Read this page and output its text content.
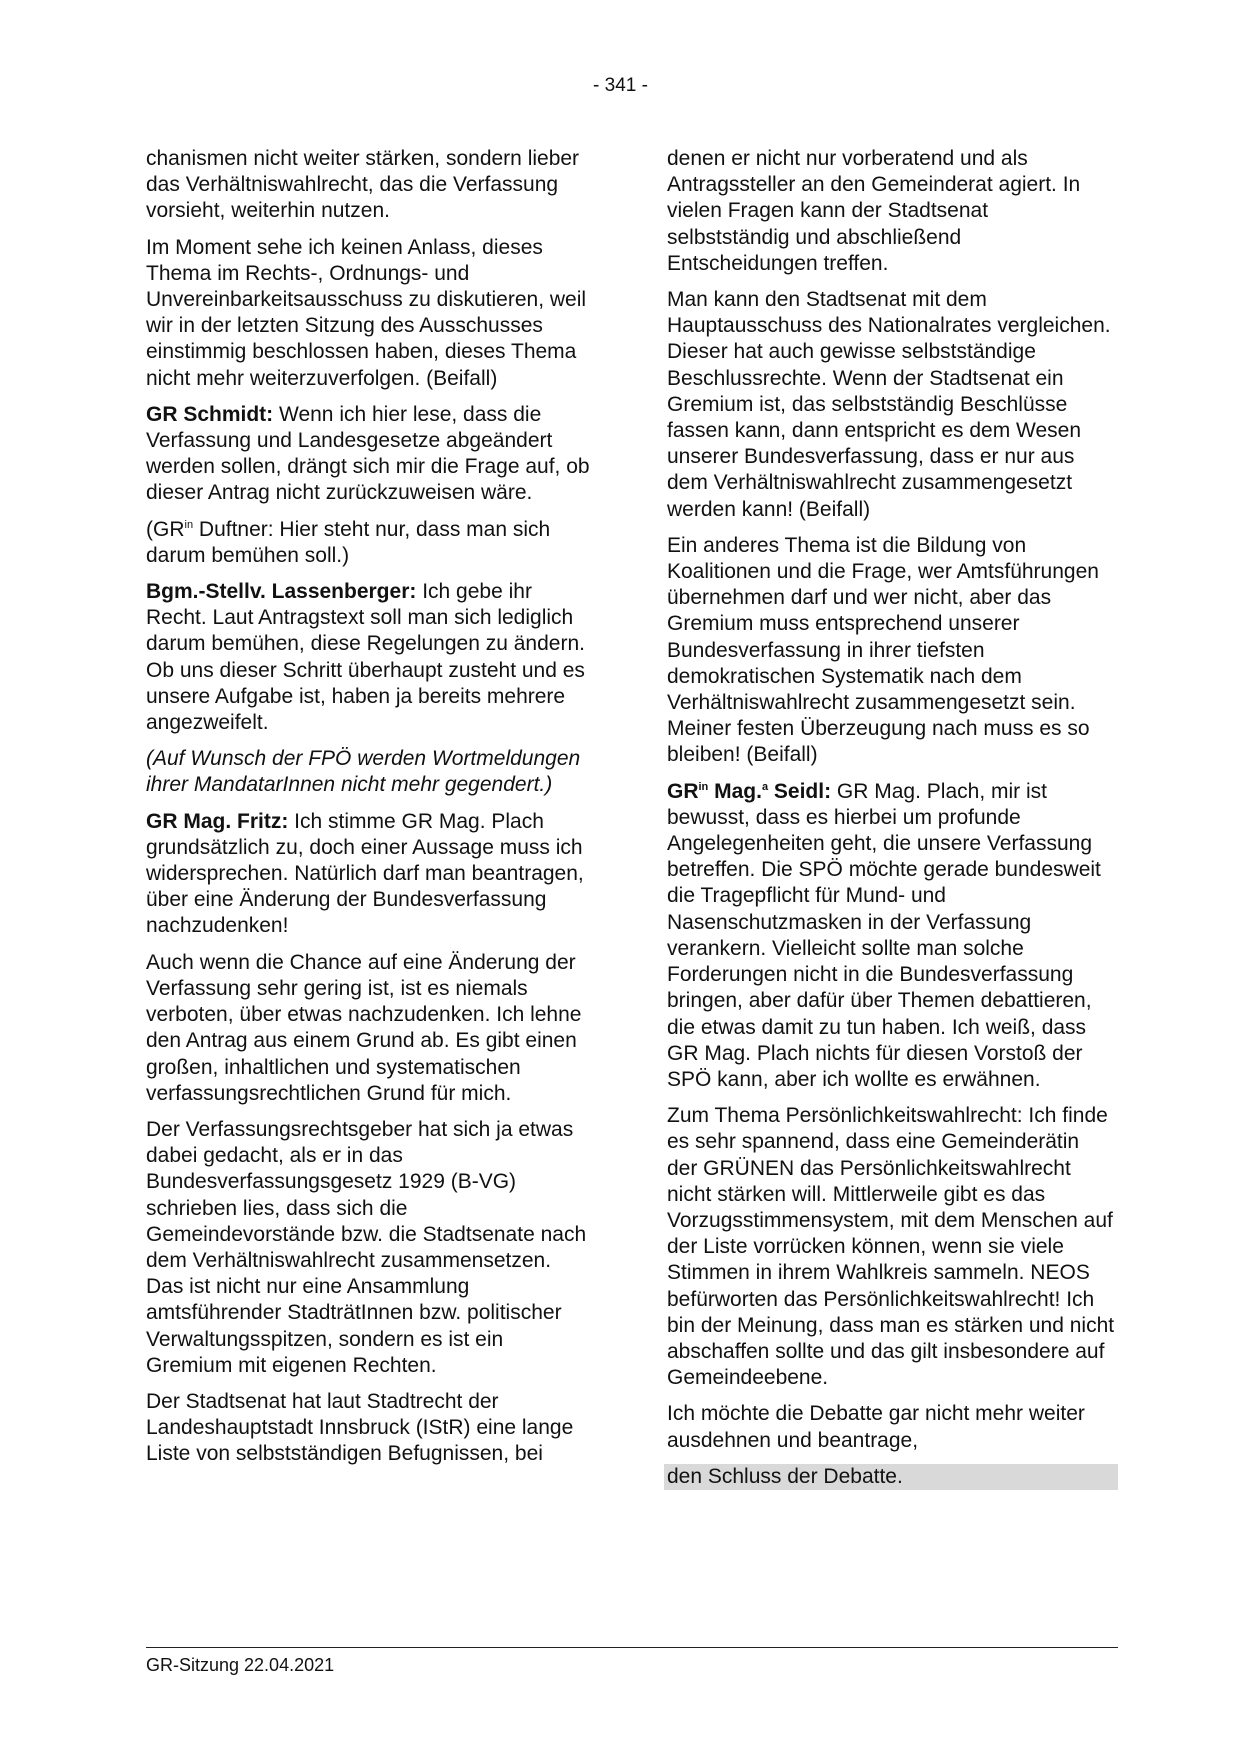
- 341 -

chanismen nicht weiter stärken, sondern lieber das Verhältniswahlrecht, das die Verfassung vorsieht, weiterhin nutzen.

Im Moment sehe ich keinen Anlass, dieses Thema im Rechts-, Ordnungs- und Unvereinbarkeitsausschuss zu diskutieren, weil wir in der letzten Sitzung des Ausschusses einstimmig beschlossen haben, dieses Thema nicht mehr weiterzuverfolgen. (Beifall)

GR Schmidt: Wenn ich hier lese, dass die Verfassung und Landesgesetze abgeändert werden sollen, drängt sich mir die Frage auf, ob dieser Antrag nicht zurückzuweisen wäre.

($GR^{in}$ Duftner: Hier steht nur, dass man sich darum bemühen soll.)

Bgm.-Stellv. Lassenberger: Ich gebe ihr Recht. Laut Antragstext soll man sich lediglich darum bemühen, diese Regelungen zu ändern. Ob uns dieser Schritt überhaupt zusteht und es unsere Aufgabe ist, haben ja bereits mehrere angezweifelt.

(Auf Wunsch der FPÖ werden Wortmeldungen ihrer MandatarInnen nicht mehr gegendert.)

GR Mag. Fritz: Ich stimme GR Mag. Plach grundsätzlich zu, doch einer Aussage muss ich widersprechen. Natürlich darf man beantragen, über eine Änderung der Bundesverfassung nachzudenken!

Auch wenn die Chance auf eine Änderung der Verfassung sehr gering ist, ist es niemals verboten, über etwas nachzudenken. Ich lehne den Antrag aus einem Grund ab. Es gibt einen großen, inhaltlichen und systematischen verfassungsrechtlichen Grund für mich.

Der Verfassungsrechtsgeber hat sich ja etwas dabei gedacht, als er in das Bundesverfassungsgesetz 1929 (B-VG) schrieben lies, dass sich die Gemeindevorstände bzw. die Stadtsenate nach dem Verhältniswahlrecht zusammensetzen. Das ist nicht nur eine Ansammlung amtsführender StadträtInnen bzw. politischer Verwaltungsspitzen, sondern es ist ein Gremium mit eigenen Rechten.

Der Stadtsenat hat laut Stadtrecht der Landeshauptstadt Innsbruck (IStR) eine lange Liste von selbstständigen Befugnissen, bei

denen er nicht nur vorberatend und als Antragssteller an den Gemeinderat agiert. In vielen Fragen kann der Stadtsenat selbstständig und abschließend Entscheidungen treffen.

Man kann den Stadtsenat mit dem Hauptausschuss des Nationalrates vergleichen. Dieser hat auch gewisse selbstständige Beschlussrechte. Wenn der Stadtsenat ein Gremium ist, das selbstständig Beschlüsse fassen kann, dann entspricht es dem Wesen unserer Bundesverfassung, dass er nur aus dem Verhältniswahlrecht zusammengesetzt werden kann! (Beifall)

Ein anderes Thema ist die Bildung von Koalitionen und die Frage, wer Amtsführungen übernehmen darf und wer nicht, aber das Gremium muss entsprechend unserer Bundesverfassung in ihrer tiefsten demokratischen Systematik nach dem Verhältniswahlrecht zusammengesetzt sein. Meiner festen Überzeugung nach muss es so bleiben! (Beifall)

$GR^{in}$ Mag.$^a$ Seidl: GR Mag. Plach, mir ist bewusst, dass es hierbei um profunde Angelegenheiten geht, die unsere Verfassung betreffen. Die SPÖ möchte gerade bundesweit die Tragepflicht für Mund- und Nasenschutzmasken in der Verfassung verankern. Vielleicht sollte man solche Forderungen nicht in die Bundesverfassung bringen, aber dafür über Themen debattieren, die etwas damit zu tun haben. Ich weiß, dass GR Mag. Plach nichts für diesen Vorstoß der SPÖ kann, aber ich wollte es erwähnen.

Zum Thema Persönlichkeitswahlrecht: Ich finde es sehr spannend, dass eine Gemeinderätin der GRÜNEN das Persönlichkeitswahlrecht nicht stärken will. Mittlerweile gibt es das Vorzugsstimmensystem, mit dem Menschen auf der Liste vorrücken können, wenn sie viele Stimmen in ihrem Wahlkreis sammeln. NEOS befürworten das Persönlichkeitswahlrecht! Ich bin der Meinung, dass man es stärken und nicht abschaffen sollte und das gilt insbesondere auf Gemeindeebene.

Ich möchte die Debatte gar nicht mehr weiter ausdehnen und beantrage,

den Schluss der Debatte.

GR-Sitzung 22.04.2021
